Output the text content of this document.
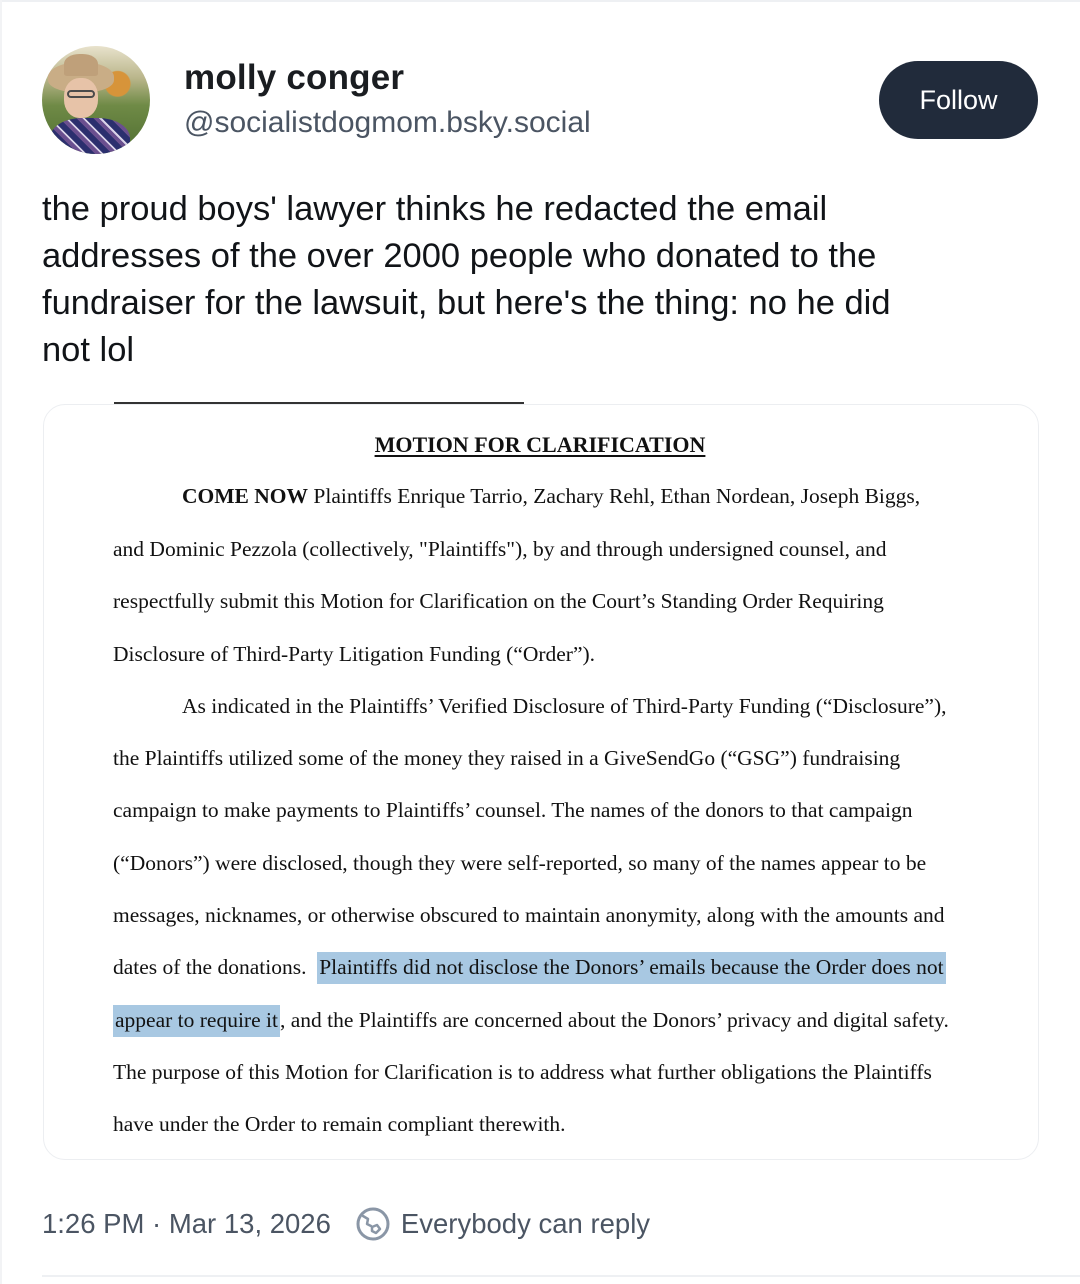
molly conger
@socialistdogmom.bsky.social
Follow
the proud boys' lawyer thinks he redacted the email
addresses of the over 2000 people who donated to the
fundraiser for the lawsuit, but here's the thing: no he did
not lol
MOTION FOR CLARIFICATION
COME NOW Plaintiffs Enrique Tarrio, Zachary Rehl, Ethan Nordean, Joseph Biggs,
and Dominic Pezzola (collectively, "Plaintiffs"), by and through undersigned counsel, and
respectfully submit this Motion for Clarification on the Court’s Standing Order Requiring
Disclosure of Third-Party Litigation Funding (“Order”).
As indicated in the Plaintiffs’ Verified Disclosure of Third-Party Funding (“Disclosure”),
the Plaintiffs utilized some of the money they raised in a GiveSendGo (“GSG”) fundraising
campaign to make payments to Plaintiffs’ counsel. The names of the donors to that campaign
(“Donors”) were disclosed, though they were self-reported, so many of the names appear to be
messages, nicknames, or otherwise obscured to maintain anonymity, along with the amounts and
dates of the donations.  Plaintiffs did not disclose the Donors’ emails because the Order does not
appear to require it, and the Plaintiffs are concerned about the Donors’ privacy and digital safety.
The purpose of this Motion for Clarification is to address what further obligations the Plaintiffs
have under the Order to remain compliant therewith.
1:26 PM · Mar 13, 2026	Everybody can reply
